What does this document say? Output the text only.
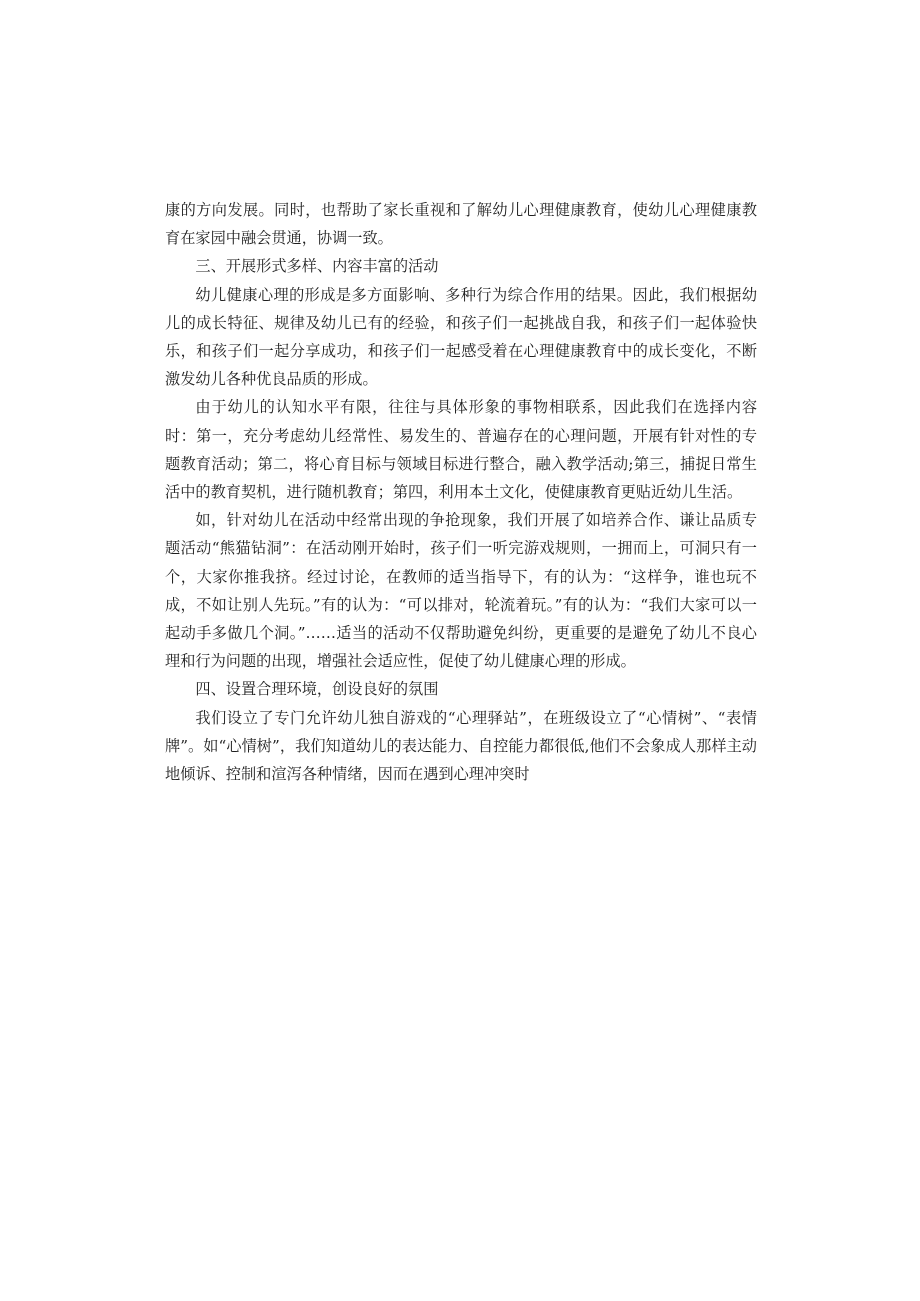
康的方向发展。同时，也帮助了家长重视和了解幼儿心理健康教育，使幼儿心理健康教育在家园中融会贯通，协调一致。

三、开展形式多样、内容丰富的活动

幼儿健康心理的形成是多方面影响、多种行为综合作用的结果。因此，我们根据幼儿的成长特征、规律及幼儿已有的经验，和孩子们一起挑战自我，和孩子们一起体验快乐，和孩子们一起分享成功，和孩子们一起感受着在心理健康教育中的成长变化，不断激发幼儿各种优良品质的形成。

由于幼儿的认知水平有限，往往与具体形象的事物相联系，因此我们在选择内容时：第一，充分考虑幼儿经常性、易发生的、普遍存在的心理问题，开展有针对性的专题教育活动；第二，将心育目标与领域目标进行整合，融入教学活动;第三，捕捉日常生活中的教育契机，进行随机教育；第四，利用本土文化，使健康教育更贴近幼儿生活。

如，针对幼儿在活动中经常出现的争抢现象，我们开展了如培养合作、谦让品质专题活动“熊猫钻洞”：在活动刚开始时，孩子们一听完游戏规则，一拥而上，可洞只有一个，大家你推我挤。经过讨论，在教师的适当指导下，有的认为：“这样争，谁也玩不成，不如让别人先玩。”有的认为：“可以排对，轮流着玩。”有的认为：“我们大家可以一起动手多做几个洞。”……适当的活动不仅帮助避免纠纷，更重要的是避免了幼儿不良心理和行为问题的出现，增强社会适应性，促使了幼儿健康心理的形成。

四、设置合理环境，创设良好的氛围

我们设立了专门允许幼儿独自游戏的“心理驿站”，在班级设立了“心情树”、“表情牌”。如“心情树”，我们知道幼儿的表达能力、自控能力都很低,他们不会象成人那样主动地倾诉、控制和渲泻各种情绪，因而在遇到心理冲突时
